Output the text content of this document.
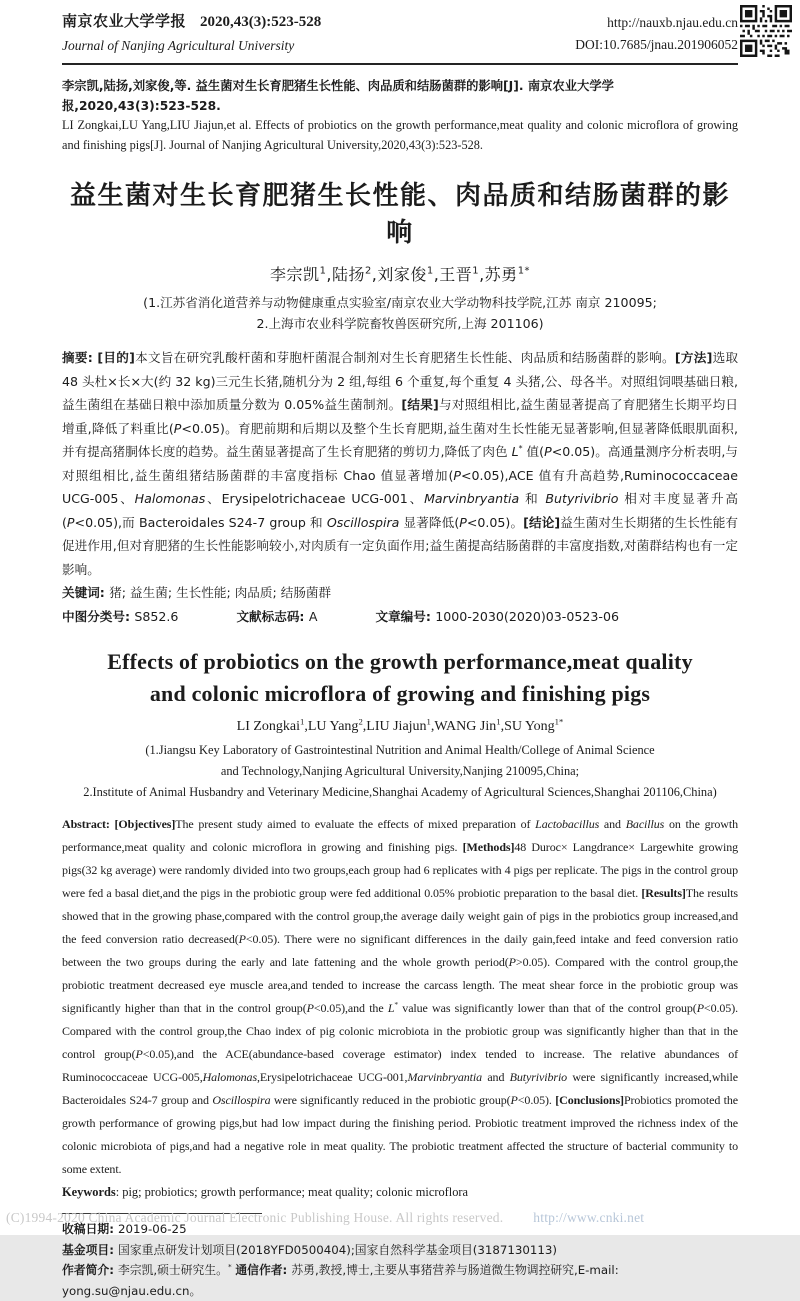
南京农业大学学报 2020,43(3):523-528
Journal of Nanjing Agricultural University
http://nauxb.njau.edu.cn
DOI:10.7685/jnau.201906052
李宗凯,陆扬,刘家俊,等. 益生菌对生长育肥猪生长性能、肉品质和结肠菌群的影响[J]. 南京农业大学学报,2020,43(3):523-528.
LI Zongkai,LU Yang,LIU Jiajun,et al. Effects of probiotics on the growth performance,meat quality and colonic microflora of growing and finishing pigs[J]. Journal of Nanjing Agricultural University,2020,43(3):523-528.
益生菌对生长育肥猪生长性能、肉品质和结肠菌群的影响
李宗凯$^1$,陆扬$^2$,刘家俊$^1$,王晋$^1$,苏勇$^{1*}$
(1.江苏省消化道营养与动物健康重点实验室/南京农业大学动物科技学院,江苏 南京 210095;
2.上海市农业科学院畜牧兽医研究所,上海 201106)

摘要: [目的]本文旨在研究乳酸杆菌和芽胞杆菌混合制剂对生长育肥猪生长性能、肉品质和结肠菌群的影响。[方法]选取 48 头杜×长×大(约 32 kg)三元生长猪,随机分为 2 组,每组 6 个重复,每个重复 4 头猪,公、母各半。对照组饲喂基础日粮,益生菌组在基础日粮中添加质量分数为 0.05%益生菌制剂。[结果]与对照组相比,益生菌显著提高了育肥猪生长期平均日增重,降低了料重比(P<0.05)。育肥前期和后期以及整个生长育肥期,益生菌对生长性能无显著影响,但显著降低眼肌面积,并有提高猪胴体长度的趋势。益生菌显著提高了生长育肥猪的剪切力,降低了肉色 L* 值(P<0.05)。高通量测序分析表明,与对照组相比,益生菌组猪结肠菌群的丰富度指标 Chao 值显著增加(P<0.05),ACE 值有升高趋势,Ruminococcaceae UCG-005、Halomonas、Erysipelotrichaceae UCG-001、Marvinbryantia 和 Butyrivibrio 相对丰度显著升高(P<0.05),而 Bacteroidales S24-7 group 和 Oscillospira 显著降低(P<0.05)。[结论]益生菌对生长期猪的生长性能有促进作用,但对育肥猪的生长性能影响较小,对肉质有一定负面作用;益生菌提高结肠菌群的丰富度指数,对菌群结构也有一定影响。

关键词: 猪; 益生菌; 生长性能; 肉品质; 结肠菌群
中图分类号: S852.6	文献标志码: A	文章编号: 1000-2030(2020)03-0523-06
Effects of probiotics on the growth performance,meat quality
and colonic microflora of growing and finishing pigs
LI Zongkai$^1$,LU Yang$^2$,LIU Jiajun$^1$,WANG Jin$^1$,SU Yong$^{1*}$
(1.Jiangsu Key Laboratory of Gastrointestinal Nutrition and Animal Health/College of Animal Science
and Technology,Nanjing Agricultural University,Nanjing 210095,China;
2.Institute of Animal Husbandry and Veterinary Medicine,Shanghai Academy of Agricultural Sciences,Shanghai 201106,China)

Abstract: [Objectives]The present study aimed to evaluate the effects of mixed preparation of Lactobacillus and Bacillus on the growth performance,meat quality and colonic microflora in growing and finishing pigs. [Methods]48 Duroc× Langdrance× Largewhite growing pigs(32 kg average) were randomly divided into two groups,each group had 6 replicates with 4 pigs per replicate. The pigs in the control group were fed a basal diet,and the pigs in the probiotic group were fed additional 0.05% probiotic preparation to the basal diet. [Results]The results showed that in the growing phase,compared with the control group,the average daily weight gain of pigs in the probiotics group increased,and the feed conversion ratio decreased(P<0.05). There were no significant differences in the daily gain,feed intake and feed conversion ratio between the two groups during the early and late fattening and the whole growth period(P>0.05). Compared with the control group,the probiotic treatment decreased eye muscle area,and tended to increase the carcass length. The meat shear force in the probiotic group was significantly higher than that in the control group(P<0.05),and the L* value was significantly lower than that of the control group(P<0.05). Compared with the control group,the Chao index of pig colonic microbiota in the probiotic group was significantly higher than that in the control group(P<0.05),and the ACE(abundance-based coverage estimator) index tended to increase. The relative abundances of Ruminococcaceae UCG-005,Halomonas,Erysipelotrichaceae UCG-001,Marvinbryantia and Butyrivibrio were significantly increased,while Bacteroidales S24-7 group and Oscillospira were significantly reduced in the probiotic group(P<0.05). [Conclusions]Probiotics promoted the growth performance of growing pigs,but had low impact during the finishing period. Probiotic treatment improved the richness index of the colonic microbiota of pigs,and had a negative role in meat quality. The probiotic treatment affected the structure of bacterial community to some extent.

Keywords: pig; probiotics; growth performance; meat quality; colonic microflora
收稿日期: 2019-06-25
基金项目: 国家重点研发计划项目(2018YFD0500404);国家自然科学基金项目(3187130113)
作者简介: 李宗凯,硕士研究生。* 通信作者: 苏勇,教授,博士,主要从事猪营养与肠道微生物调控研究,E-mail: yong.su@njau.edu.cn。
(C)1994-2020 China Academic Journal Electronic Publishing House. All rights reserved. http://www.cnki.net
